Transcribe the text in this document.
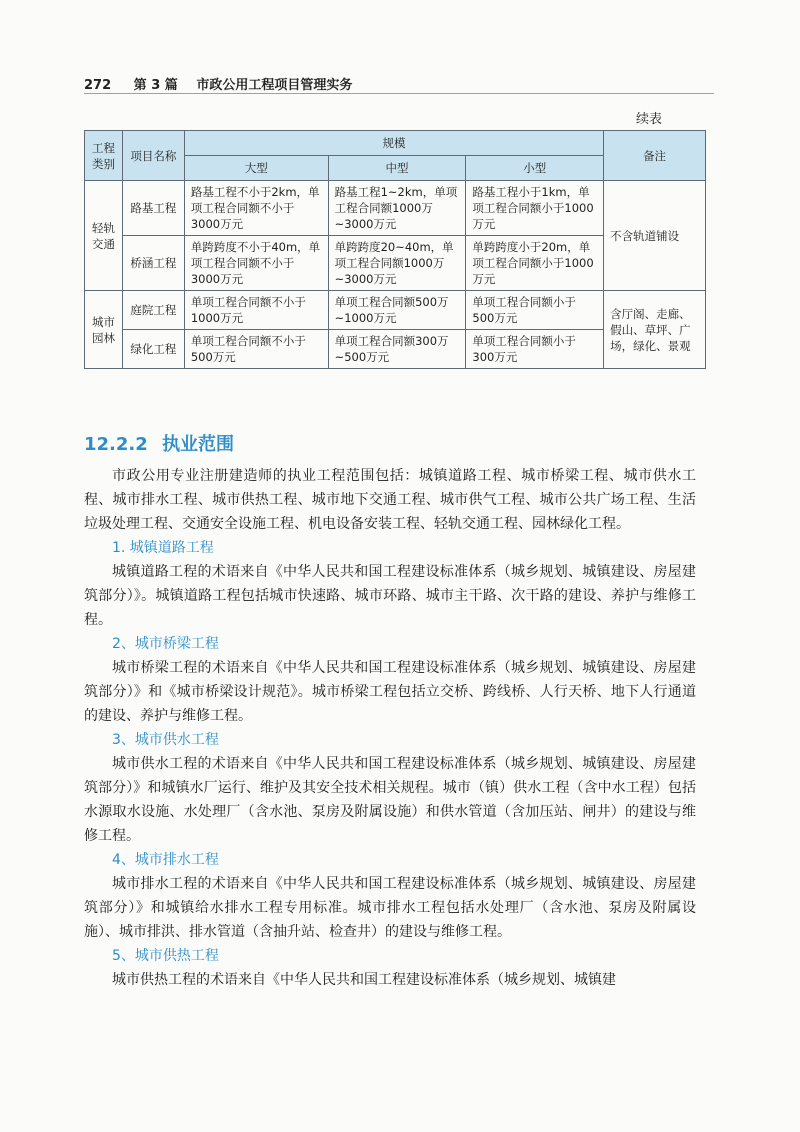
272 第 3 篇 市政公用工程项目管理实务
续表
工程类别	项目名称	规模			备注
		大型	中型	小型	
轻轨交通	路基工程	路基工程不小于2km，单项工程合同额不小于3000万元	路基工程1~2km，单项工程合同额1000万~3000万元	路基工程小于1km，单项工程合同额小于1000万元	不含轨道铺设
	桥涵工程	单跨跨度不小于40m，单项工程合同额不小于3000万元	单跨跨度20~40m，单项工程合同额1000万~3000万元	单跨跨度小于20m，单项工程合同额小于1000万元	
城市园林	庭院工程	单项工程合同额不小于1000万元	单项工程合同额500万~1000万元	单项工程合同额小于500万元	含厅阁、走廊、假山、草坪、广场，绿化、景观
	绿化工程	单项工程合同额不小于500万元	单项工程合同额300万~500万元	单项工程合同额小于300万元	
12.2.2 执业范围

市政公用专业注册建造师的执业工程范围包括：城镇道路工程、城市桥梁工程、城市供水工程、城市排水工程、城市供热工程、城市地下交通工程、城市供气工程、城市公共广场工程、生活垃圾处理工程、交通安全设施工程、机电设备安装工程、轻轨交通工程、园林绿化工程。

1. 城镇道路工程

城镇道路工程的术语来自《中华人民共和国工程建设标准体系（城乡规划、城镇建设、房屋建筑部分）》。城镇道路工程包括城市快速路、城市环路、城市主干路、次干路的建设、养护与维修工程。

2、城市桥梁工程

城市桥梁工程的术语来自《中华人民共和国工程建设标准体系（城乡规划、城镇建设、房屋建筑部分）》和《城市桥梁设计规范》。城市桥梁工程包括立交桥、跨线桥、人行天桥、地下人行通道的建设、养护与维修工程。

3、城市供水工程

城市供水工程的术语来自《中华人民共和国工程建设标准体系（城乡规划、城镇建设、房屋建筑部分）》和城镇水厂运行、维护及其安全技术相关规程。城市（镇）供水工程（含中水工程）包括水源取水设施、水处理厂（含水池、泵房及附属设施）和供水管道（含加压站、闸井）的建设与维修工程。

4、城市排水工程

城市排水工程的术语来自《中华人民共和国工程建设标准体系（城乡规划、城镇建设、房屋建筑部分）》和城镇给水排水工程专用标准。城市排水工程包括水处理厂（含水池、泵房及附属设施）、城市排洪、排水管道（含抽升站、检查井）的建设与维修工程。

5、城市供热工程

城市供热工程的术语来自《中华人民共和国工程建设标准体系（城乡规划、城镇建
